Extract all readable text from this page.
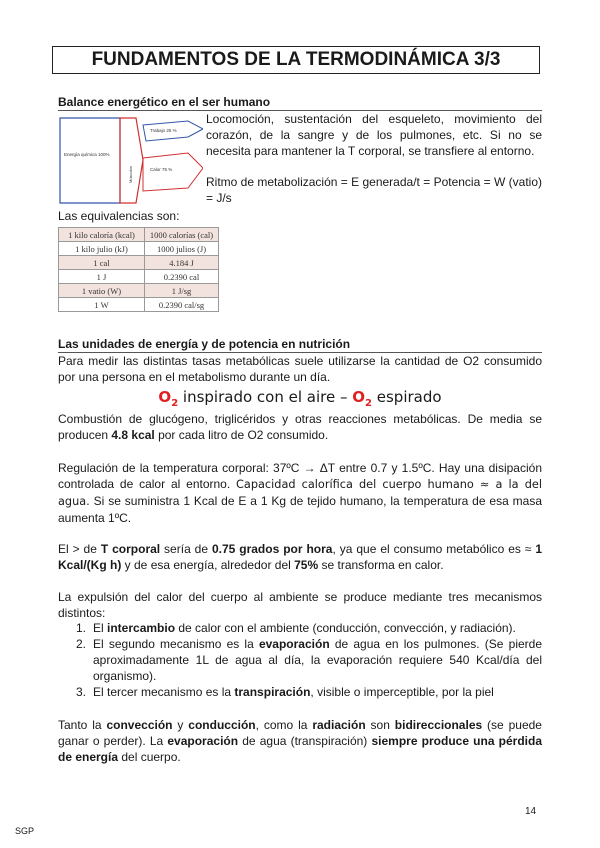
FUNDAMENTOS DE LA TERMODINÁMICA 3/3
Balance energético en el ser humano
Energía química 100%
Músculos
Trabajo 25 %
Calor 75 %
Locomoción, sustentación del esqueleto, movimiento del corazón, de la sangre y de los pulmones, etc. Si no se necesita para mantener la T corporal, se transfiere al entorno.
Ritmo de metabolización = E generada/t = Potencia = W (vatio) = J/s
Las equivalencias son:
1 kilo caloría (kcal)	1000 calorías (cal)
1 kilo julio (kJ)	1000 julios (J)
1 cal	4.184 J
1 J	0.2390 cal
1 vatio (W)	1 J/sg
1 W	0.2390 cal/sg
Las unidades de energía y de potencia en nutrición
Para medir las distintas tasas metabólicas suele utilizarse la cantidad de O2 consumido por una persona en el metabolismo durante un día.
$O_2$ inspirado con el aire – $O_2$ espirado
Combustión de glucógeno, triglicéridos y otras reacciones metabólicas. De media se producen 4.8 kcal por cada litro de O2 consumido.
Regulación de la temperatura corporal: 37ºC → ΔT entre 0.7 y 1.5ºC. Hay una disipación controlada de calor al entorno. Capacidad calorífica del cuerpo humano ≈ a la del agua. Si se suministra 1 Kcal de E a 1 Kg de tejido humano, la temperatura de esa masa aumenta 1ºC.
El > de T corporal sería de 0.75 grados por hora, ya que el consumo metabólico es ≈ 1 Kcal/(Kg h) y de esa energía, alrededor del 75% se transforma en calor.
La expulsión del calor del cuerpo al ambiente se produce mediante tres mecanismos distintos:
1. El intercambio de calor con el ambiente (conducción, convección, y radiación).
2. El segundo mecanismo es la evaporación de agua en los pulmones. (Se pierde aproximadamente 1L de agua al día, la evaporación requiere 540 Kcal/día del organismo).
3. El tercer mecanismo es la transpiración, visible o imperceptible, por la piel
Tanto la convección y conducción, como la radiación son bidireccionales (se puede ganar o perder). La evaporación de agua (transpiración) siempre produce una pérdida de energía del cuerpo.
14
SGP
